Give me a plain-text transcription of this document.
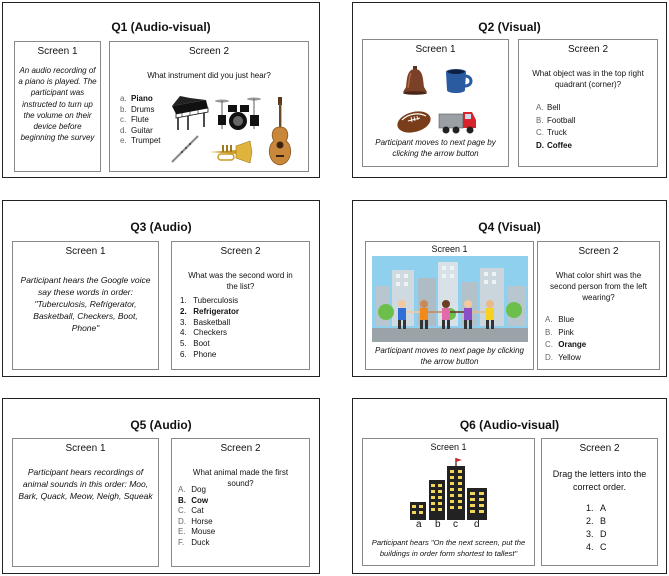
Q1 (Audio-visual)
Screen 1
An audio recording of a piano is played. The participant was instructed to turn up the volume on their device before beginning the survey
Screen 2
What instrument did you just hear?
a. Piano
b. Drums
c. Flute
d. Guitar
e. Trumpet
Q2 (Visual)
Screen 1
Participant moves to next page by clicking the arrow button
Screen 2
What object was in the top right quadrant (corner)?
A. Bell
B. Football
C. Truck
D. Coffee
Q3 (Audio)
Screen 1
Participant hears the Google voice say these words in order: "Tuberculosis, Refrigerator, Basketball, Checkers, Boot, Phone"
Screen 2
What was the second word in the list?
1. Tuberculosis
2. Refrigerator
3. Basketball
4. Checkers
5. Boot
6. Phone
Q4 (Visual)
Screen 1
Participant moves to next page by clicking the arrow button
Screen 2
What color shirt was the second person from the left wearing?
A. Blue
B. Pink
C. Orange
D. Yellow
Q5 (Audio)
Screen 1
Participant hears recordings of animal sounds in this order: Moo, Bark, Quack, Meow, Neigh, Squeak
Screen 2
What animal made the first sound?
A. Dog
B. Cow
C. Cat
D. Horse
E. Mouse
F. Duck
Q6 (Audio-visual)
Screen 1
a b c d
Participant hears "On the next screen, put the buildings in order form shortest to tallest"
Screen 2
Drag the letters into the correct order.
1. A
2. B
3. D
4. C
